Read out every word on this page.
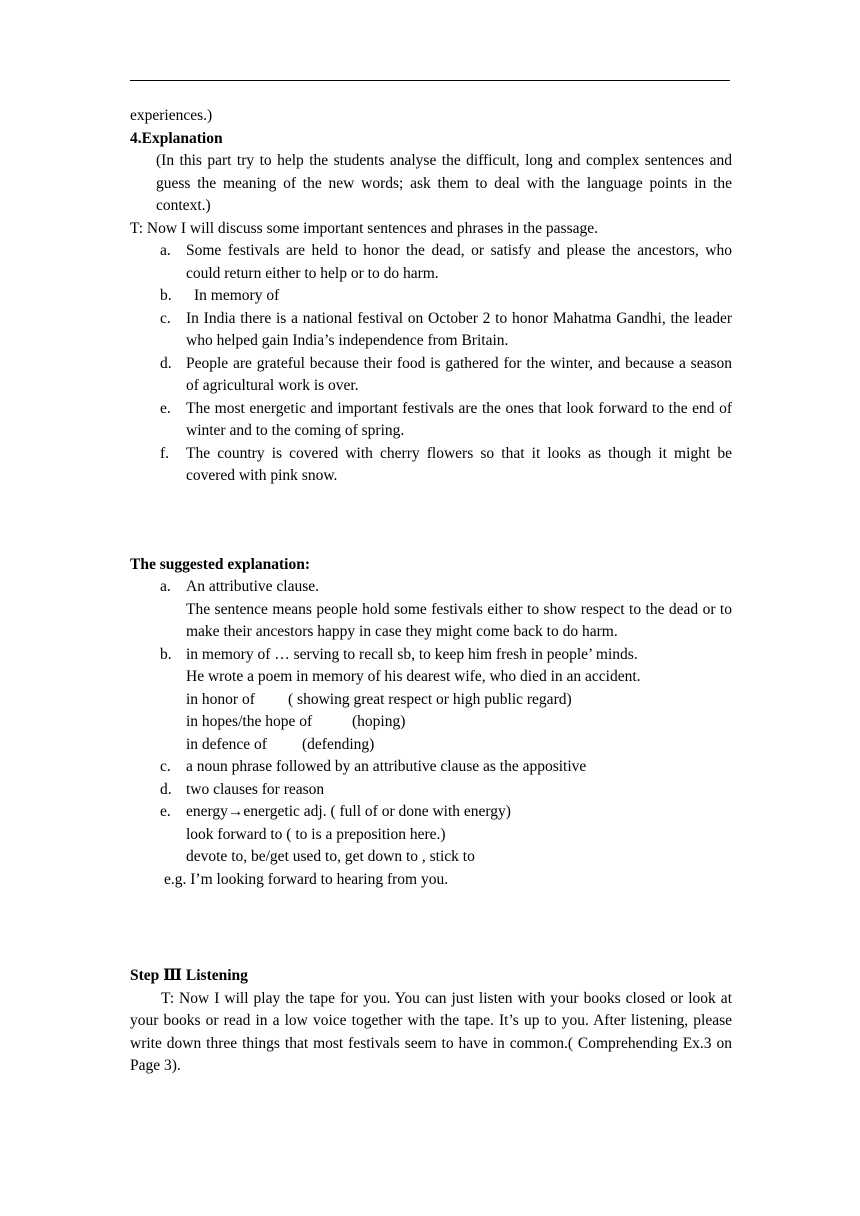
experiences.)

4.Explanation

(In this part try to help the students analyse the difficult, long and complex sentences and guess the meaning of the new words; ask them to deal with the language points in the context.)

T: Now I will discuss some important sentences and phrases in the passage.

a. Some festivals are held to honor the dead, or satisfy and please the ancestors, who could return either to help or to do harm.
b.	In memory of
c. In India there is a national festival on October 2 to honor Mahatma Gandhi, the leader who helped gain India’s independence from Britain.
d. People are grateful because their food is gathered for the winter, and because a season of agricultural work is over.
e. The most energetic and important festivals are the ones that look forward to the end of winter and to the coming of spring.
f. The country is covered with cherry flowers so that it looks as though it might be covered with pink snow.

The suggested explanation:

a. An attributive clause.
The sentence means people hold some festivals either to show respect to the dead or to make their ancestors happy in case they might come back to do harm.
b. in memory of … serving to recall sb, to keep him fresh in people’ minds.
He wrote a poem in memory of his dearest wife, who died in an accident.
in honor of ( showing great respect or high public regard)
in hopes/the hope of	(hoping)
in defence of (defending)
c. a noun phrase followed by an attributive clause as the appositive
d. two clauses for reason
e. energy→energetic adj. ( full of or done with energy)
look forward to ( to is a preposition here.)
devote to, be/get used to, get down to , stick to
e.g. I’m looking forward to hearing from you.

Step Ⅲ Listening

T: Now I will play the tape for you. You can just listen with your books closed or look at your books or read in a low voice together with the tape. It’s up to you. After listening, please write down three things that most festivals seem to have in common.( Comprehending Ex.3 on Page 3).
